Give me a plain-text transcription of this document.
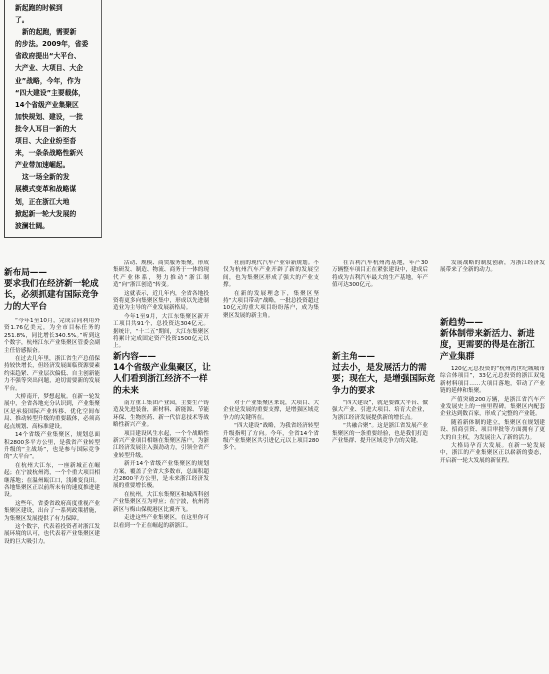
新起跑的时候到
了。
新的起跑，需要新
的步法。2009年，省委
省政府提出“大平台、
大产业、大项目、大企
业”战略，今年，作为
“四大建设”主要载体，
14个省级产业集聚区
加快规划、建设，一批
批令人耳目一新的大
项目、大企业纷至沓
来，一条条战略性新兴
产业带加速崛起。
这一场全新的发
展模式变革和战略谋
划，正在浙江大地
掀起新一轮大发展的
波澜壮阔。
新布局——
要求我们在经济新一轮成
长，必须抓建有国际竞争
力的大平台

“今年1至10月，完成合同利用外资1.76亿美元，为全市目标任务的251.8%，同比增长340.5%。”听到这个数字，杭州江东产业集聚区管委会副主任倍感振奋。

在过去几年里，浙江省生产总值保持较快增长，但经济发展面临资源要素约束趋紧、产业层次偏低、自主创新能力不强等突出问题，迫切需要新的发展平台。

大桥南开，梦想起航。在新一轮发展中，全省各地充分认识到，产业集聚区是承接国际产业转移、优化空间布局、推动转型升级的重要载体，必须高起点规划、高标准建设。

14个省级产业集聚区，规划总面积2800多平方公里，是我省产业转型升级的“主战场”，也是参与国际竞争的“大平台”。

在杭州大江东，一座新城正在崛起；在宁波杭州湾，一个个重大项目相继落地；在温州瓯江口，浅滩变良田。各地集聚区正以前所未有的速度推进建设。

这些年，省委省政府高度重视产业集聚区建设，出台了一系列政策措施，为集聚区发展提供了有力保障。

这个数字，代表着投资者对浙江发展环境的认可，也代表着产业集聚区建设的巨大吸引力。

活动、规模、商贸服务集聚，形成集研发、制造、物流、商务于一体的现代产业体系，努力推动“浙江制造”向“浙江创造”转变。

这就表示，近几年内，全省各地投资将更多向集聚区集中，形成以先进制造业为主导的产业发展新格局。

今年1至9月，大江东集聚区新开工项目共91个，总投资达304亿元。据统计，“十二五”期间，大江东集聚区将累计完成固定资产投资1500亿元以上。

新内容——
14个省级产业集聚区，让
人们看到浙江经济不一样
的未来

南方重工集团产业园，主要生产铸造及先进装备，新材料、新能源、节能环保、生物医药、新一代信息技术等战略性新兴产业。

项目建设风生水起，一个个战略性新兴产业项目相继在集聚区落户，为浙江经济发展注入强劲动力，引领全省产业转型升级。

新开14个省级产业集聚区的规划方案，覆盖了全省大多数市，总面积超过2800平方公里，是未来浙江经济发展的重要增长极。

在杭州，大江东集聚区和城西科创产业集聚区互为呼应；在宁波，杭州湾新区与梅山保税港区比翼齐飞。

走进这些产业集聚区，在这里你可以看到一个正在崛起的新浙江。

社前的现代汽车产业带新规划。不仅为杭州汽车产业开辟了新的发展空间，也为集聚区形成了强大的产业支撑。

在新的发展理念下，集聚区坚持“大项目带动”战略，一批总投资超过10亿元的重大项目纷纷落户，成为集聚区发展的新主角。

对于产业集聚区来说，大项目、大企业是发展的重要支撑，是增强区域竞争力的关键所在。

“四大建设”战略，为我省经济转型升级指明了方向。今年，全省14个省级产业集聚区共引进亿元以上项目280多个。

新主角——
过去小，是发展活力的需
要；现在大，是增强国际竞
争力的要求

在吉利汽车杭州湾基地，年产30万辆整车项目正在紧张建设中，建成后将成为吉利汽车最大的生产基地，年产值可达300亿元。

“四大建设”，就是要做大平台、做强大产业、引进大项目、培育大企业，为浙江经济发展提供新的增长点。

“共融合聚”。这是浙江省发展产业集聚区的一条重要经验，也是我们打造产业集群、提升区域竞争力的关键。

新趋势——
新体制带来新活力、新进
度，更需要的得是在浙江
产业集群

发展战略的制度创新，为浙江经济发展带来了全新的动力。

120亿元总投资的“杭州湾世纪城城市综合体项目”，33亿元总投资的浙江双兔新材料项目……大项目落地，带动了产业链的延伸和集聚。

产值突破200万辆，是浙江省汽车产业发展史上的一座里程碑。集聚区内配套企业达到数百家，形成了完整的产业链。

随着新体制的建立，集聚区在规划建设、招商引资、项目审批等方面拥有了更大的自主权，为发展注入了新的活力。

大格局孕育大发展。在新一轮发展中，浙江的产业集聚区正以崭新的姿态，开启新一轮大发展的新征程。
